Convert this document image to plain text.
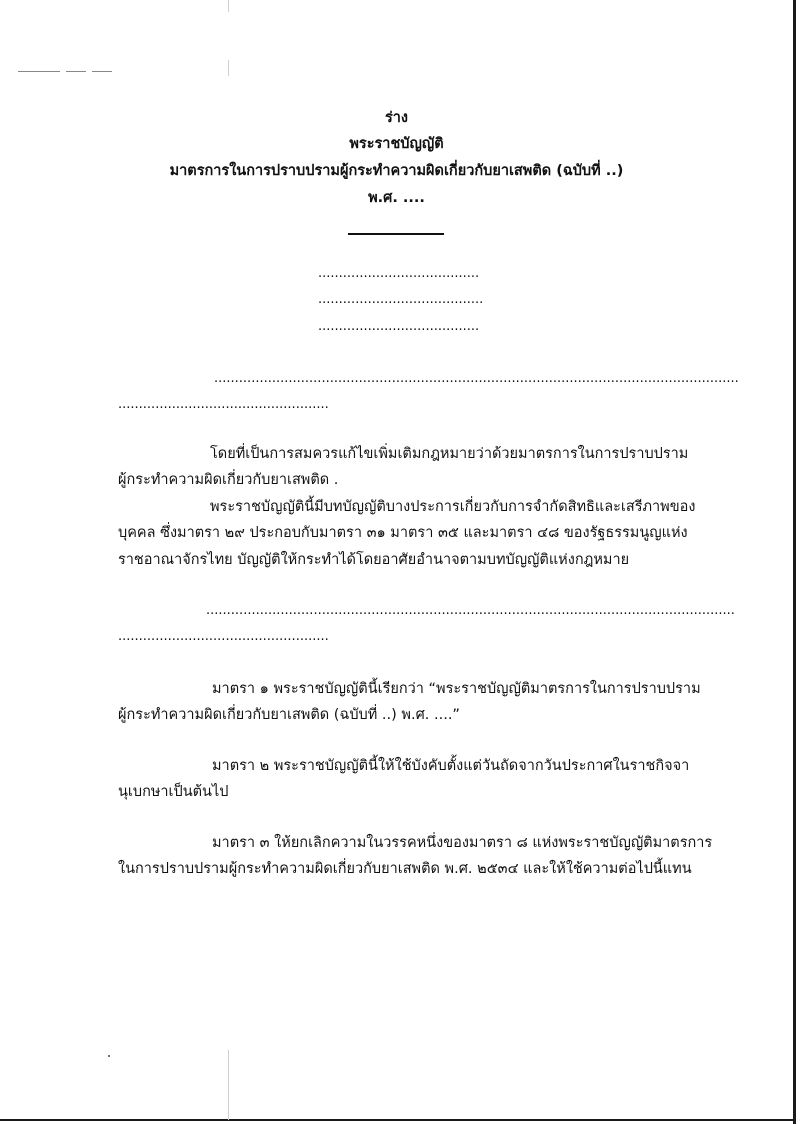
ร่าง
พระราชบัญญัติ
มาตรการในการปราบปรามผู้กระทำความผิดเกี่ยวกับยาเสพติด (ฉบับที่ ..)
พ.ศ. ....
.......................................
........................................
.......................................
...............................................................................................................................
...................................................
โดยที่เป็นการสมควรแก้ไขเพิ่มเติมกฎหมายว่าด้วยมาตรการในการปราบปราม
ผู้กระทำความผิดเกี่ยวกับยาเสพติด .
พระราชบัญญัตินี้มีบทบัญญัติบางประการเกี่ยวกับการจำกัดสิทธิและเสรีภาพของ
บุคคล ซึ่งมาตรา ๒๙ ประกอบกับมาตรา ๓๑ มาตรา ๓๕ และมาตรา ๔๘ ของรัฐธรรมนูญแห่ง
ราชอาณาจักรไทย บัญญัติให้กระทำได้โดยอาศัยอำนาจตามบทบัญญัติแห่งกฎหมาย
................................................................................................................................
...................................................
มาตรา ๑ พระราชบัญญัตินี้เรียกว่า “พระราชบัญญัติมาตรการในการปราบปราม
ผู้กระทำความผิดเกี่ยวกับยาเสพติด (ฉบับที่ ..) พ.ศ. ....”
มาตรา ๒ พระราชบัญญัตินี้ให้ใช้บังคับตั้งแต่วันถัดจากวันประกาศในราชกิจจา
นุเบกษาเป็นต้นไป
มาตรา ๓ ให้ยกเลิกความในวรรคหนึ่งของมาตรา ๘ แห่งพระราชบัญญัติมาตรการ
ในการปราบปรามผู้กระทำความผิดเกี่ยวกับยาเสพติด พ.ศ. ๒๕๓๔ และให้ใช้ความต่อไปนี้แทน
